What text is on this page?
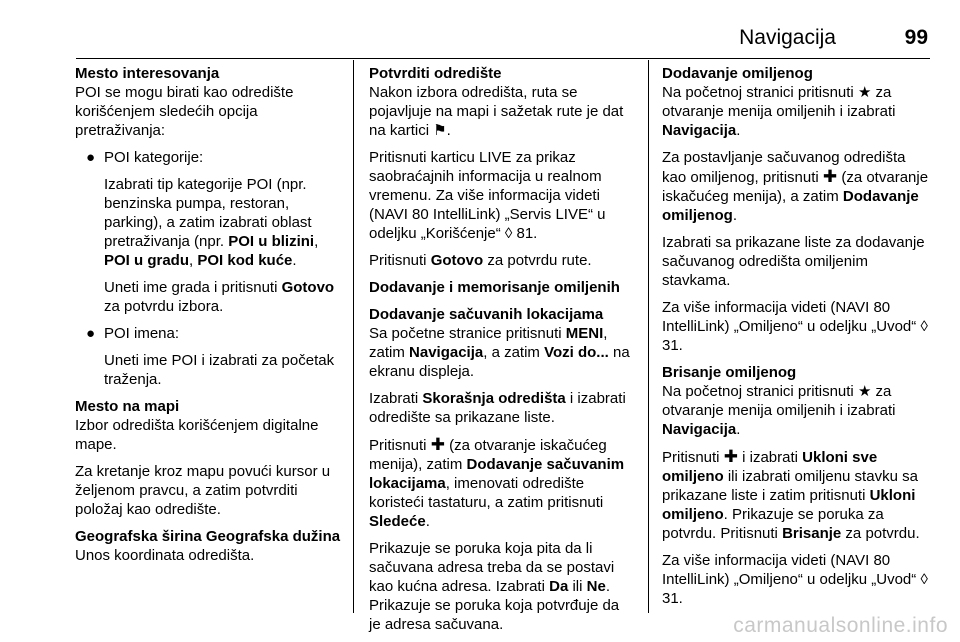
Navigacija	99

Mesto interesovanja

POI se mogu birati kao odredište korišćenjem sledećih opcija pretraživanja:

● POI kategorije:

Izabrati tip kategorije POI (npr. benzinska pumpa, restoran, parking), a zatim izabrati oblast pretraživanja (npr. POI u blizini, POI u gradu, POI kod kuće.

Uneti ime grada i pritisnuti Gotovo za potvrdu izbora.

● POI imena:

Uneti ime POI i izabrati za početak traženja.

Mesto na mapi

Izbor odredišta korišćenjem digitalne mape.

Za kretanje kroz mapu povući kursor u željenom pravcu, a zatim potvrditi položaj kao odredište.

Geografska širina Geografska dužina

Unos koordinata odredišta.

Potvrditi odredište

Nakon izbora odredišta, ruta se pojavljuje na mapi i sažetak rute je dat na kartici ⚑.

Pritisnuti karticu LIVE za prikaz saobraćajnih informacija u realnom vremenu. Za više informacija videti (NAVI 80 IntelliLink) „Servis LIVE“ u odeljku „Korišćenje“ ◊ 81.

Pritisnuti Gotovo za potvrdu rute.

Dodavanje i memorisanje omiljenih

Dodavanje sačuvanih lokacijama

Sa početne stranice pritisnuti MENI, zatim Navigacija, a zatim Vozi do... na ekranu displeja.

Izabrati Skorašnja odredišta i izabrati odredište sa prikazane liste.

Pritisnuti ✚ (za otvaranje iskačućeg menija), zatim Dodavanje sačuvanim lokacijama, imenovati odredište koristeći tastaturu, a zatim pritisnuti Sledeće.

Prikazuje se poruka koja pita da li sačuvana adresa treba da se postavi kao kućna adresa. Izabrati Da ili Ne. Prikazuje se poruka koja potvrđuje da je adresa sačuvana.

Dodavanje omiljenog

Na početnoj stranici pritisnuti ★ za otvaranje menija omiljenih i izabrati Navigacija.

Za postavljanje sačuvanog odredišta kao omiljenog, pritisnuti ✚ (za otvaranje iskačućeg menija), a zatim Dodavanje omiljenog.

Izabrati sa prikazane liste za dodavanje sačuvanog odredišta omiljenim stavkama.

Za više informacija videti (NAVI 80 IntelliLink) „Omiljeno“ u odeljku „Uvod“ ◊ 31.

Brisanje omiljenog

Na početnoj stranici pritisnuti ★ za otvaranje menija omiljenih i izabrati Navigacija.

Pritisnuti ✚ i izabrati Ukloni sve omiljeno ili izabrati omiljenu stavku sa prikazane liste i zatim pritisnuti Ukloni omiljeno. Prikazuje se poruka za potvrdu. Pritisnuti Brisanje za potvrdu.

Za više informacija videti (NAVI 80 IntelliLink) „Omiljeno“ u odeljku „Uvod“ ◊ 31.

carmanualsonline.info
